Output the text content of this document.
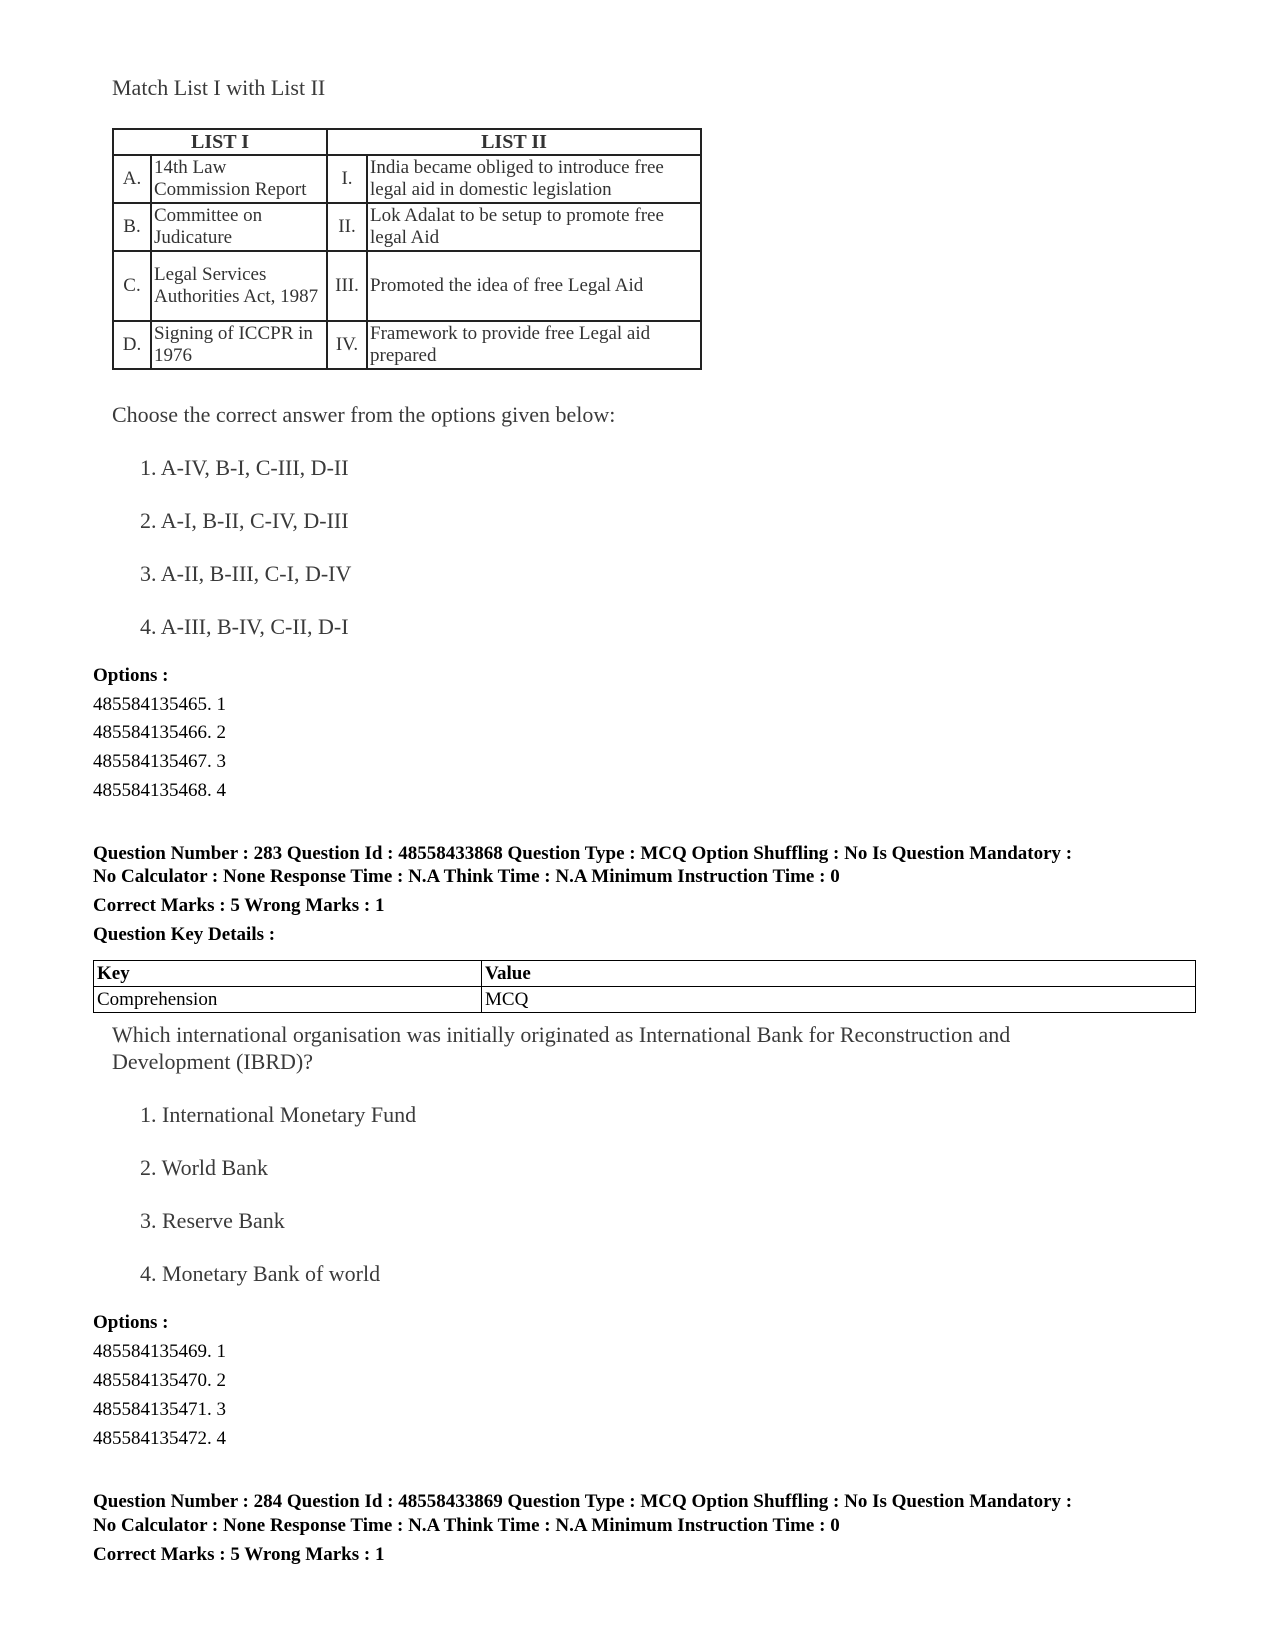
Match List I with List II
LIST I		LIST II	
A.	14th Law Commission Report	I.	India became obliged to introduce free legal aid in domestic legislation
B.	Committee on Judicature	II.	Lok Adalat to be setup to promote free legal Aid
C.	Legal Services Authorities Act, 1987	III.	Promoted the idea of free Legal Aid
D.	Signing of ICCPR in 1976	IV.	Framework to provide free Legal aid prepared
Choose the correct answer from the options given below:
1. A-IV, B-I, C-III, D-II
2. A-I, B-II, C-IV, D-III
3. A-II, B-III, C-I, D-IV
4. A-III, B-IV, C-II, D-I
Options :
485584135465. 1
485584135466. 2
485584135467. 3
485584135468. 4
Question Number : 283 Question Id : 48558433868 Question Type : MCQ Option Shuffling : No Is Question Mandatory :
No Calculator : None Response Time : N.A Think Time : N.A Minimum Instruction Time : 0
Correct Marks : 5 Wrong Marks : 1
Question Key Details :
Key	Value
Comprehension	MCQ
Which international organisation was initially originated as International Bank for Reconstruction and
Development (IBRD)?
1. International Monetary Fund
2. World Bank
3. Reserve Bank
4. Monetary Bank of world
Options :
485584135469. 1
485584135470. 2
485584135471. 3
485584135472. 4
Question Number : 284 Question Id : 48558433869 Question Type : MCQ Option Shuffling : No Is Question Mandatory :
No Calculator : None Response Time : N.A Think Time : N.A Minimum Instruction Time : 0
Correct Marks : 5 Wrong Marks : 1
